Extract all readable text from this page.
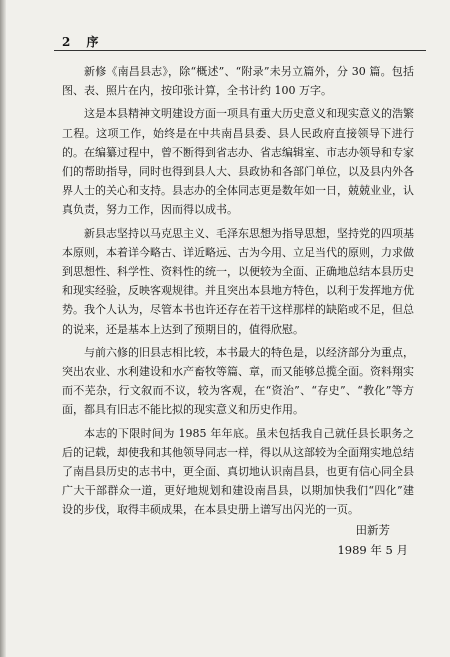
2 序

新修《南昌县志》，除“概述”、“附录”未另立篇外，分 30 篇。包括图、表、照片在内，按印张计算，全书计约 100 万字。

这是本县精神文明建设方面一项具有重大历史意义和现实意义的浩繁工程。这项工作，始终是在中共南昌县委、县人民政府直接领导下进行的。在编纂过程中，曾不断得到省志办、省志编辑室、市志办领导和专家们的帮助指导，同时也得到县人大、县政协和各部门单位，以及县内外各界人士的关心和支持。县志办的全体同志更是数年如一日，兢兢业业，认真负责，努力工作，因而得以成书。

新县志坚持以马克思主义、毛泽东思想为指导思想，坚持党的四项基本原则，本着详今略古、详近略远、古为今用、立足当代的原则，力求做到思想性、科学性、资料性的统一，以便较为全面、正确地总结本县历史和现实经验，反映客观规律。并且突出本县地方特色，以利于发挥地方优势。我个人认为，尽管本书也许还存在若干这样那样的缺陷或不足，但总的说来，还是基本上达到了预期目的，值得欣慰。

与前六修的旧县志相比较，本书最大的特色是，以经济部分为重点，突出农业、水利建设和水产畜牧等篇、章，而又能够总揽全面。资料翔实而不芜杂，行文叙而不议，较为客观，在“资治”、“存史”、“教化”等方面，都具有旧志不能比拟的现实意义和历史作用。

本志的下限时间为 1985 年年底。虽未包括我自己就任县长职务之后的记载，却使我和其他领导同志一样，得以从这部较为全面翔实地总结了南昌县历史的志书中，更全面、真切地认识南昌县，也更有信心同全县广大干部群众一道，更好地规划和建设南昌县，以期加快我们“四化”建设的步伐，取得丰硕成果，在本县史册上谱写出闪光的一页。

田新芳
1989 年 5 月
